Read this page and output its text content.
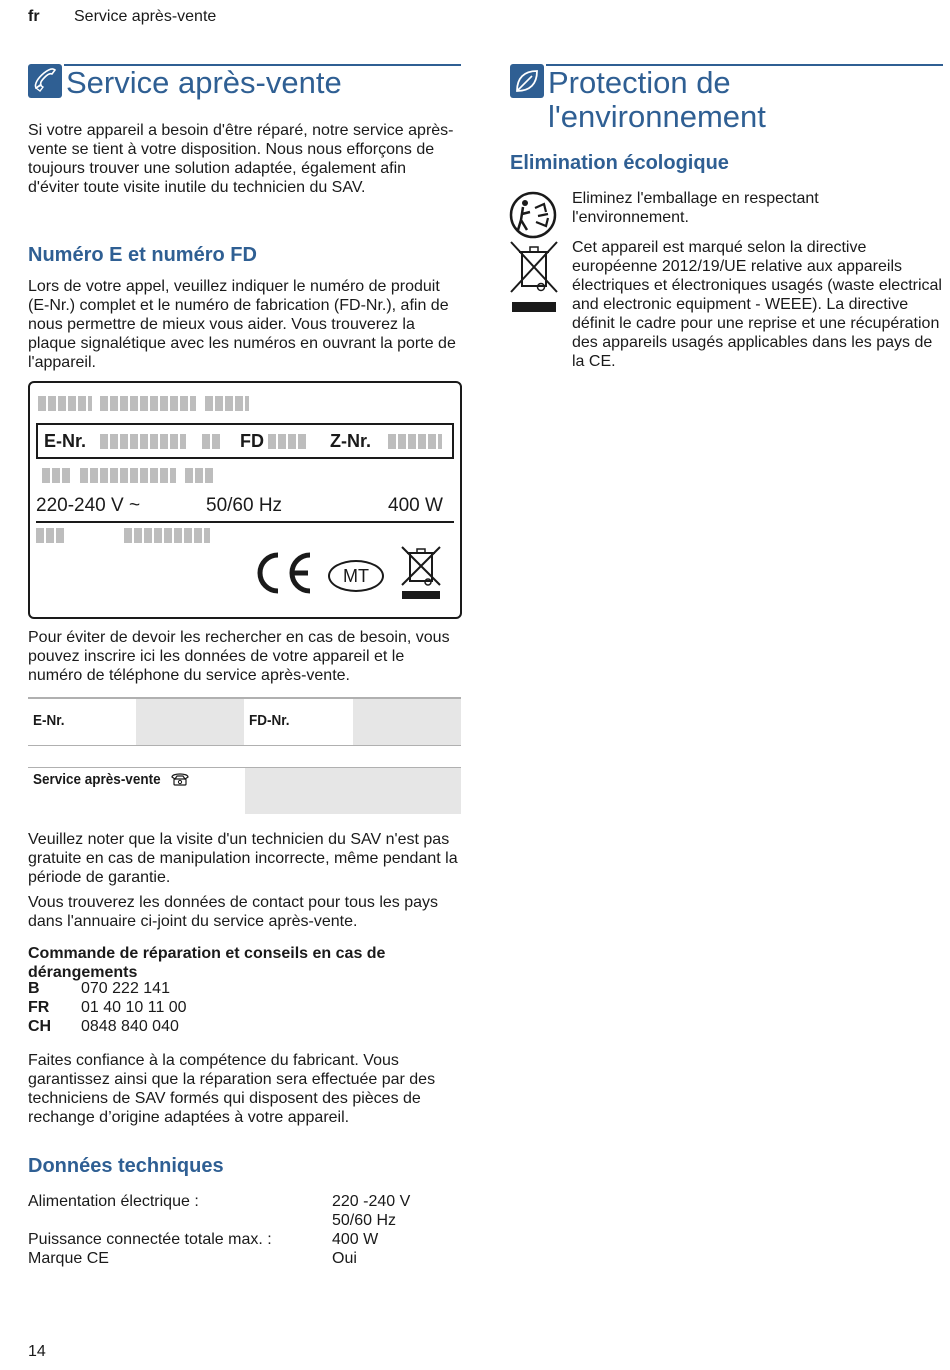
fr Service après-vente
Service après-vente

Si votre appareil a besoin d'être réparé, notre service après-vente se tient à votre disposition. Nous nous efforçons de toujours trouver une solution adaptée, également afin d'éviter toute visite inutile du technicien du SAV.

Numéro E et numéro FD

Lors de votre appel, veuillez indiquer le numéro de produit (E-Nr.) complet et le numéro de fabrication (FD-Nr.), afin de nous permettre de mieux vous aider. Vous trouverez la plaque signalétique avec les numéros en ouvrant la porte de l'appareil.

E-Nr.	FD	Z-Nr.

220-240 V ~	50/60 Hz	400 W
MT

Pour éviter de devoir les rechercher en cas de besoin, vous pouvez inscrire ici les données de votre appareil et le numéro de téléphone du service après-vente.

E-Nr.	FD-Nr.
Service après-vente

Veuillez noter que la visite d'un technicien du SAV n'est pas gratuite en cas de manipulation incorrecte, même pendant la période de garantie.

Vous trouverez les données de contact pour tous les pays dans l'annuaire ci-joint du service après-vente.

Commande de réparation et conseils en cas de dérangements

B	070 222 141
FR 01 40 10 11 00
CH 0848 840 040

Faites confiance à la compétence du fabricant. Vous garantissez ainsi que la réparation sera effectuée par des techniciens de SAV formés qui disposent des pièces de rechange d’origine adaptées à votre appareil.

Données techniques
Alimentation électrique :	220 -240 V
50/60 Hz

Puissance connectée totale max. :	400 W
Marque CE	Oui
Protection de
l'environnement
Elimination écologique

Eliminez l'emballage en respectant l'environnement.

Cet appareil est marqué selon la directive européenne 2012/19/UE relative aux appareils électriques et électroniques usagés (waste electrical and electronic equipment - WEEE). La directive définit le cadre pour une reprise et une récupération des appareils usagés applicables dans les pays de la CE.

14
